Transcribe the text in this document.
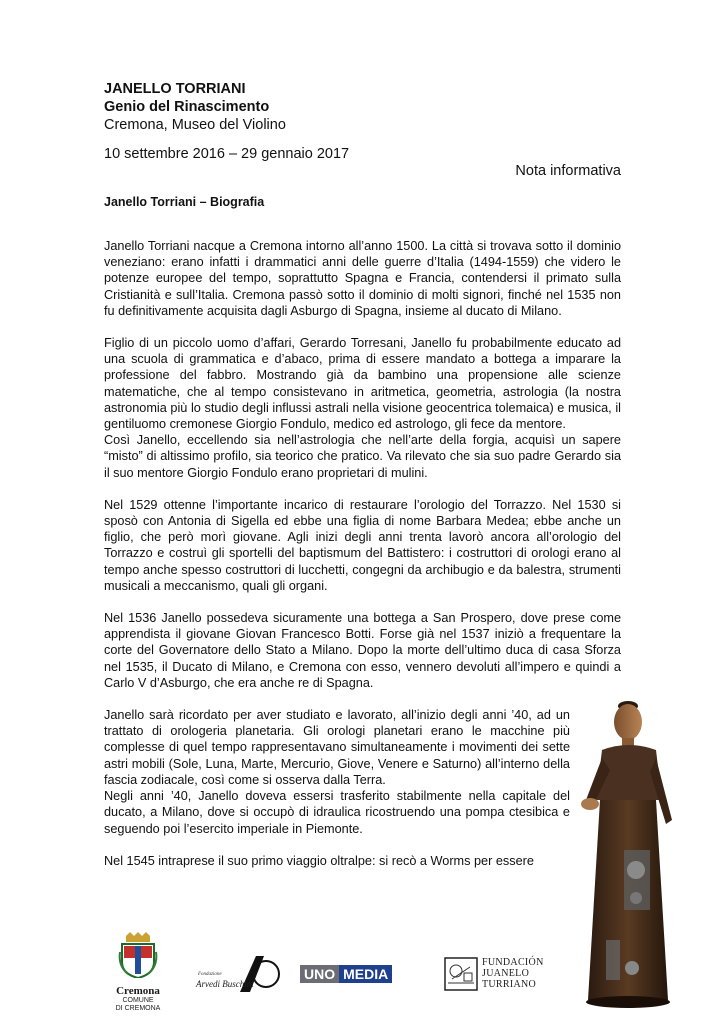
JANELLO TORRIANI
Genio del Rinascimento
Cremona, Museo del Violino
10 settembre 2016 – 29 gennaio 2017
Nota informativa
Janello Torriani – Biografia

Janello Torriani nacque a Cremona intorno all’anno 1500. La città si trovava sotto il dominio veneziano: erano infatti i drammatici anni delle guerre d’Italia (1494-1559) che videro le potenze europee del tempo, soprattutto Spagna e Francia, contendersi il primato sulla Cristianità e sull’Italia. Cremona passò sotto il dominio di molti signori, finché nel 1535 non fu definitivamente acquisita dagli Asburgo di Spagna, insieme al ducato di Milano.

Figlio di un piccolo uomo d’affari, Gerardo Torresani, Janello fu probabilmente educato ad una scuola di grammatica e d’abaco, prima di essere mandato a bottega a imparare la professione del fabbro. Mostrando già da bambino una propensione alle scienze matematiche, che al tempo consistevano in aritmetica, geometria, astrologia (la nostra astronomia più lo studio degli influssi astrali nella visione geocentrica tolemaica) e musica, il gentiluomo cremonese Giorgio Fondulo, medico ed astrologo, gli fece da mentore.

Così Janello, eccellendo sia nell’astrologia che nell’arte della forgia, acquisì un sapere “misto” di altissimo profilo, sia teorico che pratico. Va rilevato che sia suo padre Gerardo sia il suo mentore Giorgio Fondulo erano proprietari di mulini.

Nel 1529 ottenne l’importante incarico di restaurare l’orologio del Torrazzo. Nel 1530 si sposò con Antonia di Sigella ed ebbe una figlia di nome Barbara Medea; ebbe anche un figlio, che però morì giovane. Agli inizi degli anni trenta lavorò ancora all’orologio del Torrazzo e costruì gli sportelli del baptismum del Battistero: i costruttori di orologi erano al tempo anche spesso costruttori di lucchetti, congegni da archibugio e da balestra, strumenti musicali a meccanismo, quali gli organi.

Nel 1536 Janello possedeva sicuramente una bottega a San Prospero, dove prese come apprendista il giovane Giovan Francesco Botti. Forse già nel 1537 iniziò a frequentare la corte del Governatore dello Stato a Milano. Dopo la morte dell’ultimo duca di casa Sforza nel 1535, il Ducato di Milano, e Cremona con esso, vennero devoluti all’impero e quindi a Carlo V d’Asburgo, che era anche re di Spagna.

Janello sarà ricordato per aver studiato e lavorato, all’inizio degli anni ’40, ad un trattato di orologeria planetaria. Gli orologi planetari erano le macchine più complesse di quel tempo rappresentavano simultaneamente i movimenti dei sette astri mobili (Sole, Luna, Marte, Mercurio, Giove, Venere e Saturno) all’interno della fascia zodiacale, così come si osserva dalla Terra.

Negli anni ’40, Janello doveva essersi trasferito stabilmente nella capitale del ducato, a Milano, dove si occupò di idraulica ricostruendo una pompa ctesibica e seguendo poi l’esercito imperiale in Piemonte.

Nel 1545 intraprese il suo primo viaggio oltralpe: si recò a Worms per essere

Cremona
COMUNE
DI CREMONA
Fondazione
Arvedi Buschini
UNO MEDIA
FUNDACIÓN
JUANELO
TURRIANO
